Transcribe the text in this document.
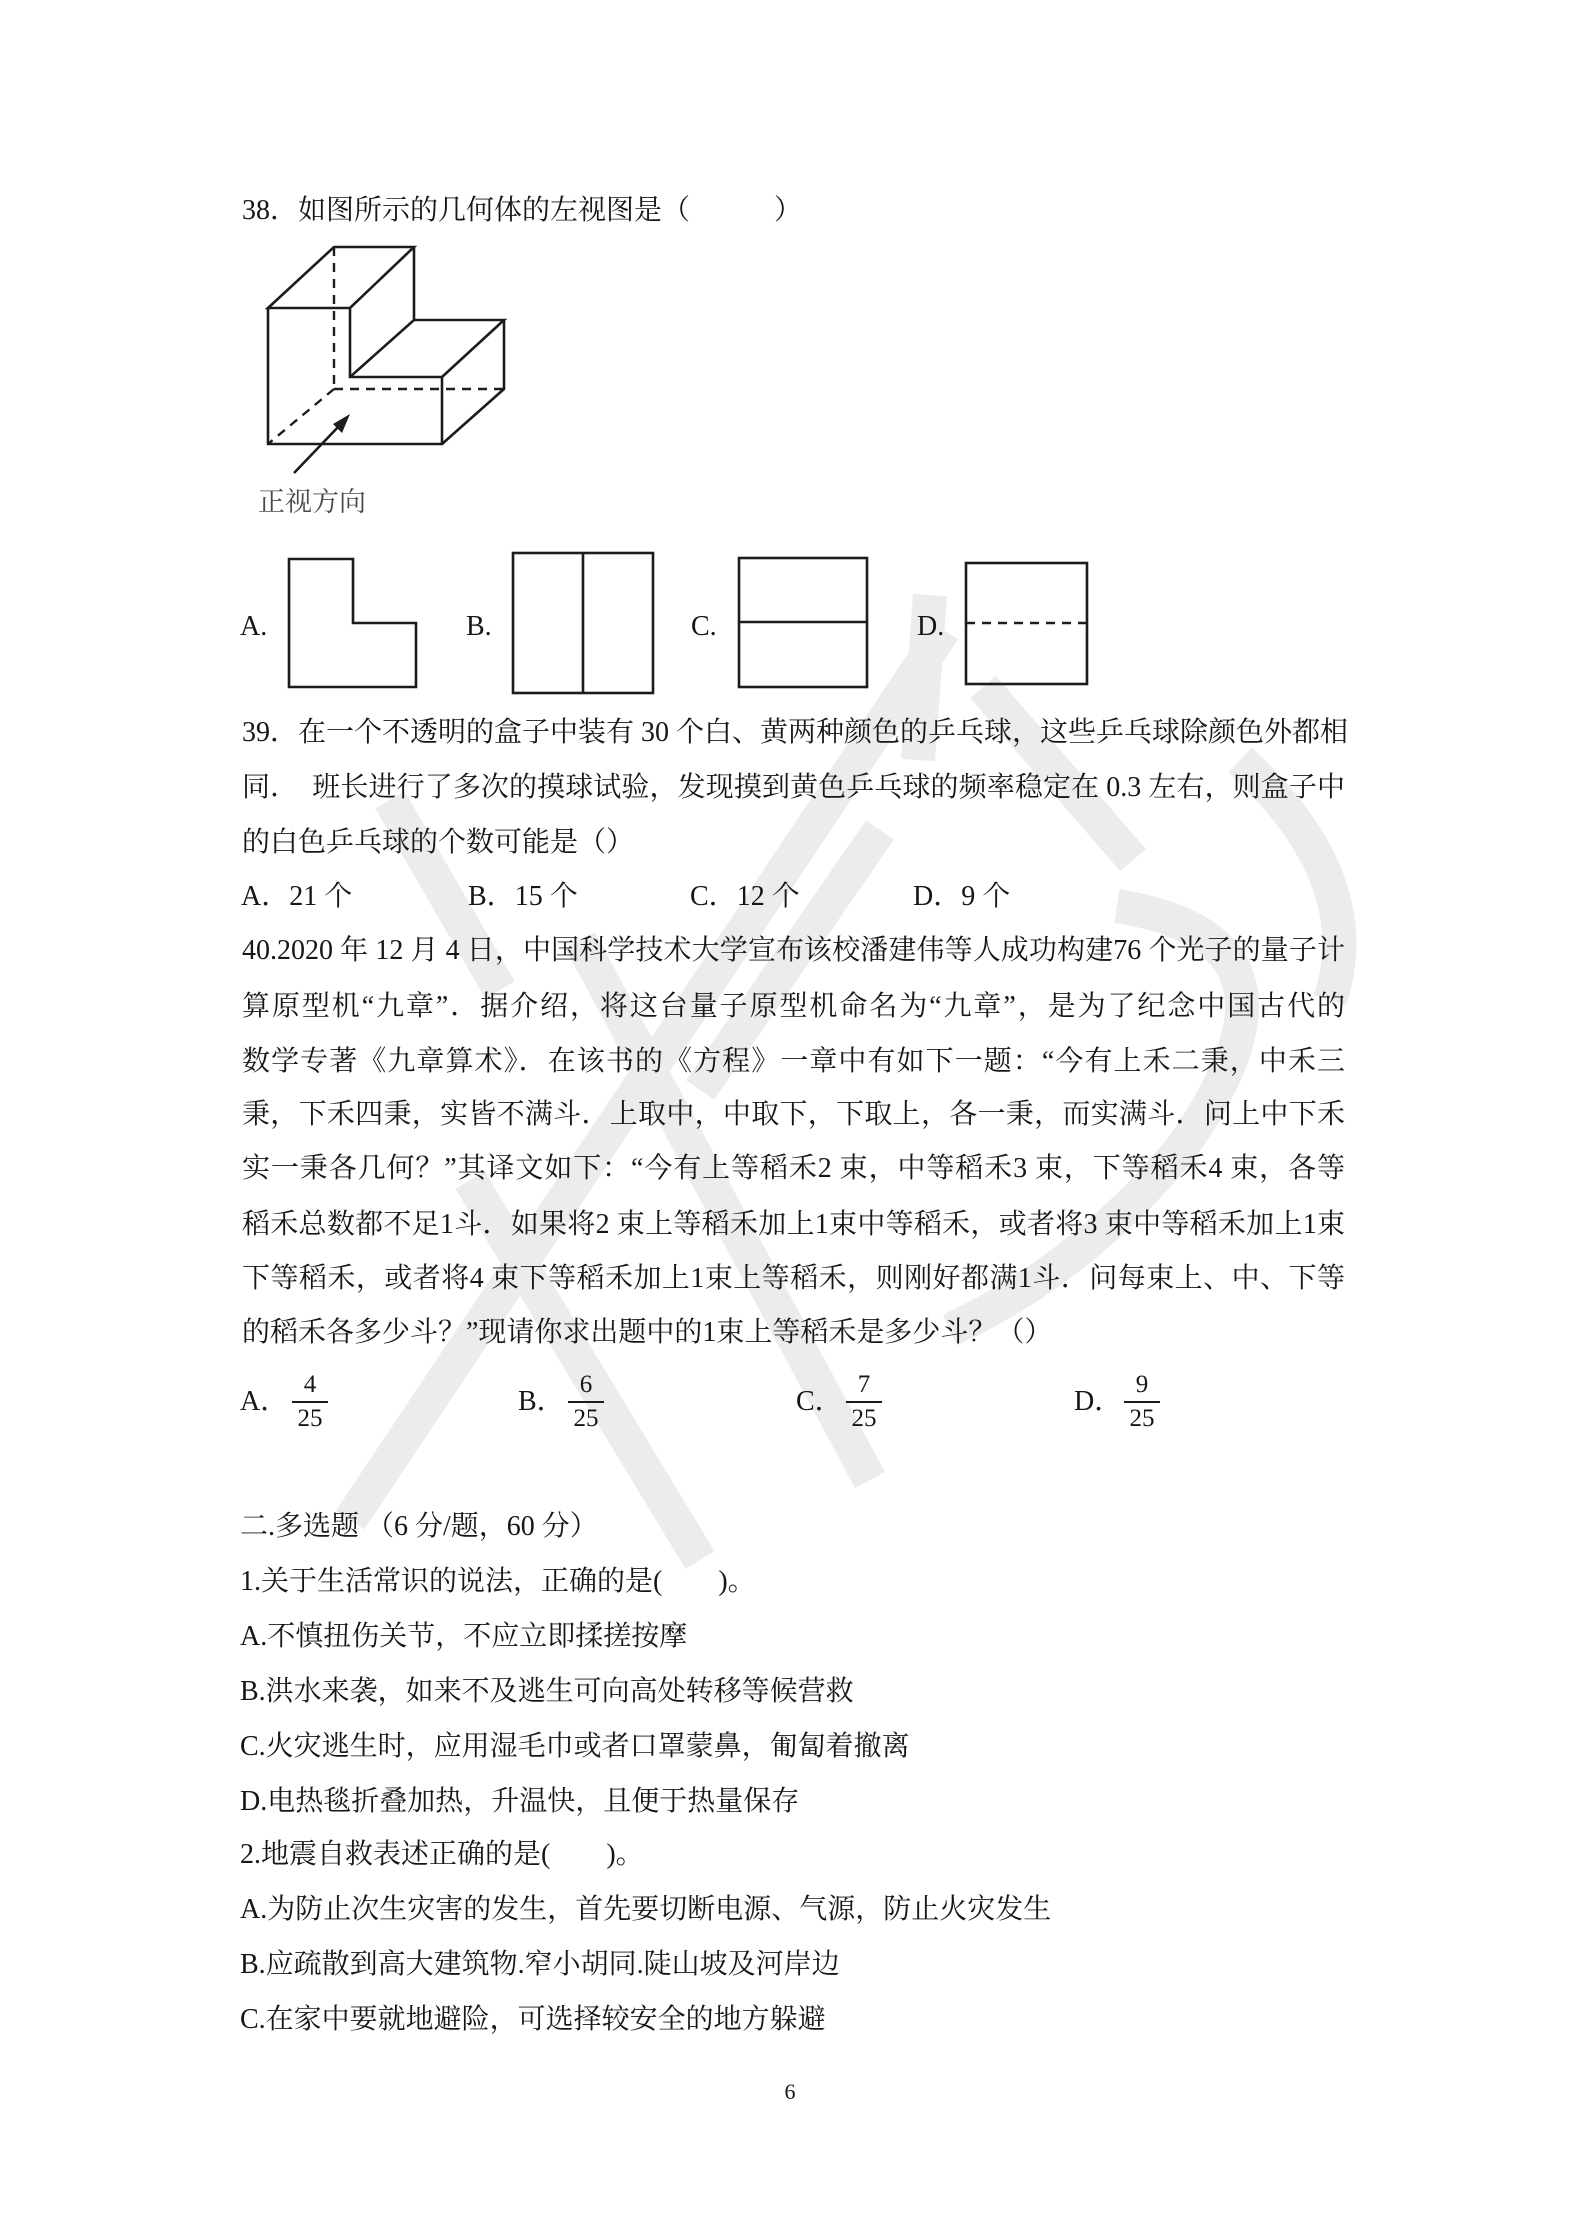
38．如图所示的几何体的左视图是（　　　）
正视方向
A.	B.	C.	D.
39．在一个不透明的盒子中装有 30 个白、黄两种颜色的乒乓球，这些乒乓球除颜色外都相
同．　班长进行了多次的摸球试验，发现摸到黄色乒乓球的频率稳定在 0.3 左右，则盒子中
的白色乒乓球的个数可能是（）
A．21 个	B．15 个	C．12 个	D．9 个
40.2020 年 12 月 4 日，中国科学技术大学宣布该校潘建伟等人成功构建76 个光子的量子计
算原型机“九章”．据介绍，将这台量子原型机命名为“九章”，是为了纪念中国古代的
数学专著《九章算术》．在该书的《方程》一章中有如下一题：“今有上禾二秉，中禾三
秉，下禾四秉，实皆不满斗．上取中，中取下，下取上，各一秉，而实满斗．问上中下禾
实一秉各几何？”其译文如下：“今有上等稻禾2 束，中等稻禾3 束，下等稻禾4 束，各等
稻禾总数都不足1斗．如果将2 束上等稻禾加上1束中等稻禾，或者将3 束中等稻禾加上1束
下等稻禾，或者将4 束下等稻禾加上1束上等稻禾，则刚好都满1斗．问每束上、中、下等
的稻禾各多少斗？”现请你求出题中的1束上等稻禾是多少斗？（）
A．
4
25
B．
6
25
C．
7
25
D．
9
25
二.多选题 （6 分/题，60 分）
1.关于生活常识的说法，正确的是(　　)。
A.不慎扭伤关节，不应立即揉搓按摩
B.洪水来袭，如来不及逃生可向高处转移等候营救
C.火灾逃生时，应用湿毛巾或者口罩蒙鼻，匍匐着撤离
D.电热毯折叠加热，升温快，且便于热量保存
2.地震自救表述正确的是(　　)。
A.为防止次生灾害的发生，首先要切断电源、气源，防止火灾发生
B.应疏散到高大建筑物.窄小胡同.陡山坡及河岸边
C.在家中要就地避险，可选择较安全的地方躲避
6
